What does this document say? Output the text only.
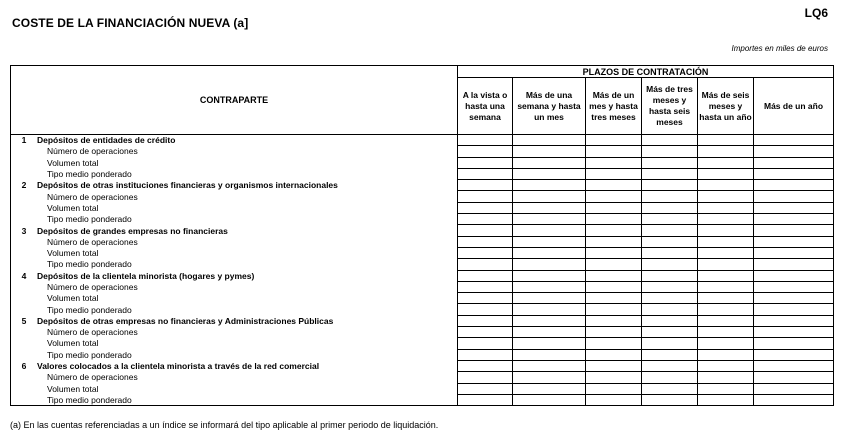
COSTE DE LA FINANCIACIÓN NUEVA (a]
LQ6
Importes en miles de euros
CONTRAPARTE	PLAZOS DE CONTRATACIÓN					
	A la vista o hasta una semana	Más de una semana y hasta un mes	Más de un mes y hasta tres meses	Más de tres meses y hasta seis meses	Más de seis meses y hasta un año	Más de un año
1 Depósitos de entidades de crédito						
Número de operaciones						
Volumen total						
Tipo medio ponderado						
2 Depósitos de otras instituciones financieras y organismos internacionales						
Número de operaciones						
Volumen total						
Tipo medio ponderado						
3 Depósitos de grandes empresas no financieras						
Número de operaciones						
Volumen total						
Tipo medio ponderado						
4 Depósitos de la clientela minorista (hogares y pymes)						
Número de operaciones						
Volumen total						
Tipo medio ponderado						
5 Depósitos de otras empresas no financieras y Administraciones Públicas						
Número de operaciones						
Volumen total						
Tipo medio ponderado						
6 Valores colocados a la clientela minorista a través de la red comercial						
Número de operaciones						
Volumen total						
Tipo medio ponderado						
(a) En las cuentas referenciadas a un índice se informará del tipo aplicable al primer periodo de liquidación.
